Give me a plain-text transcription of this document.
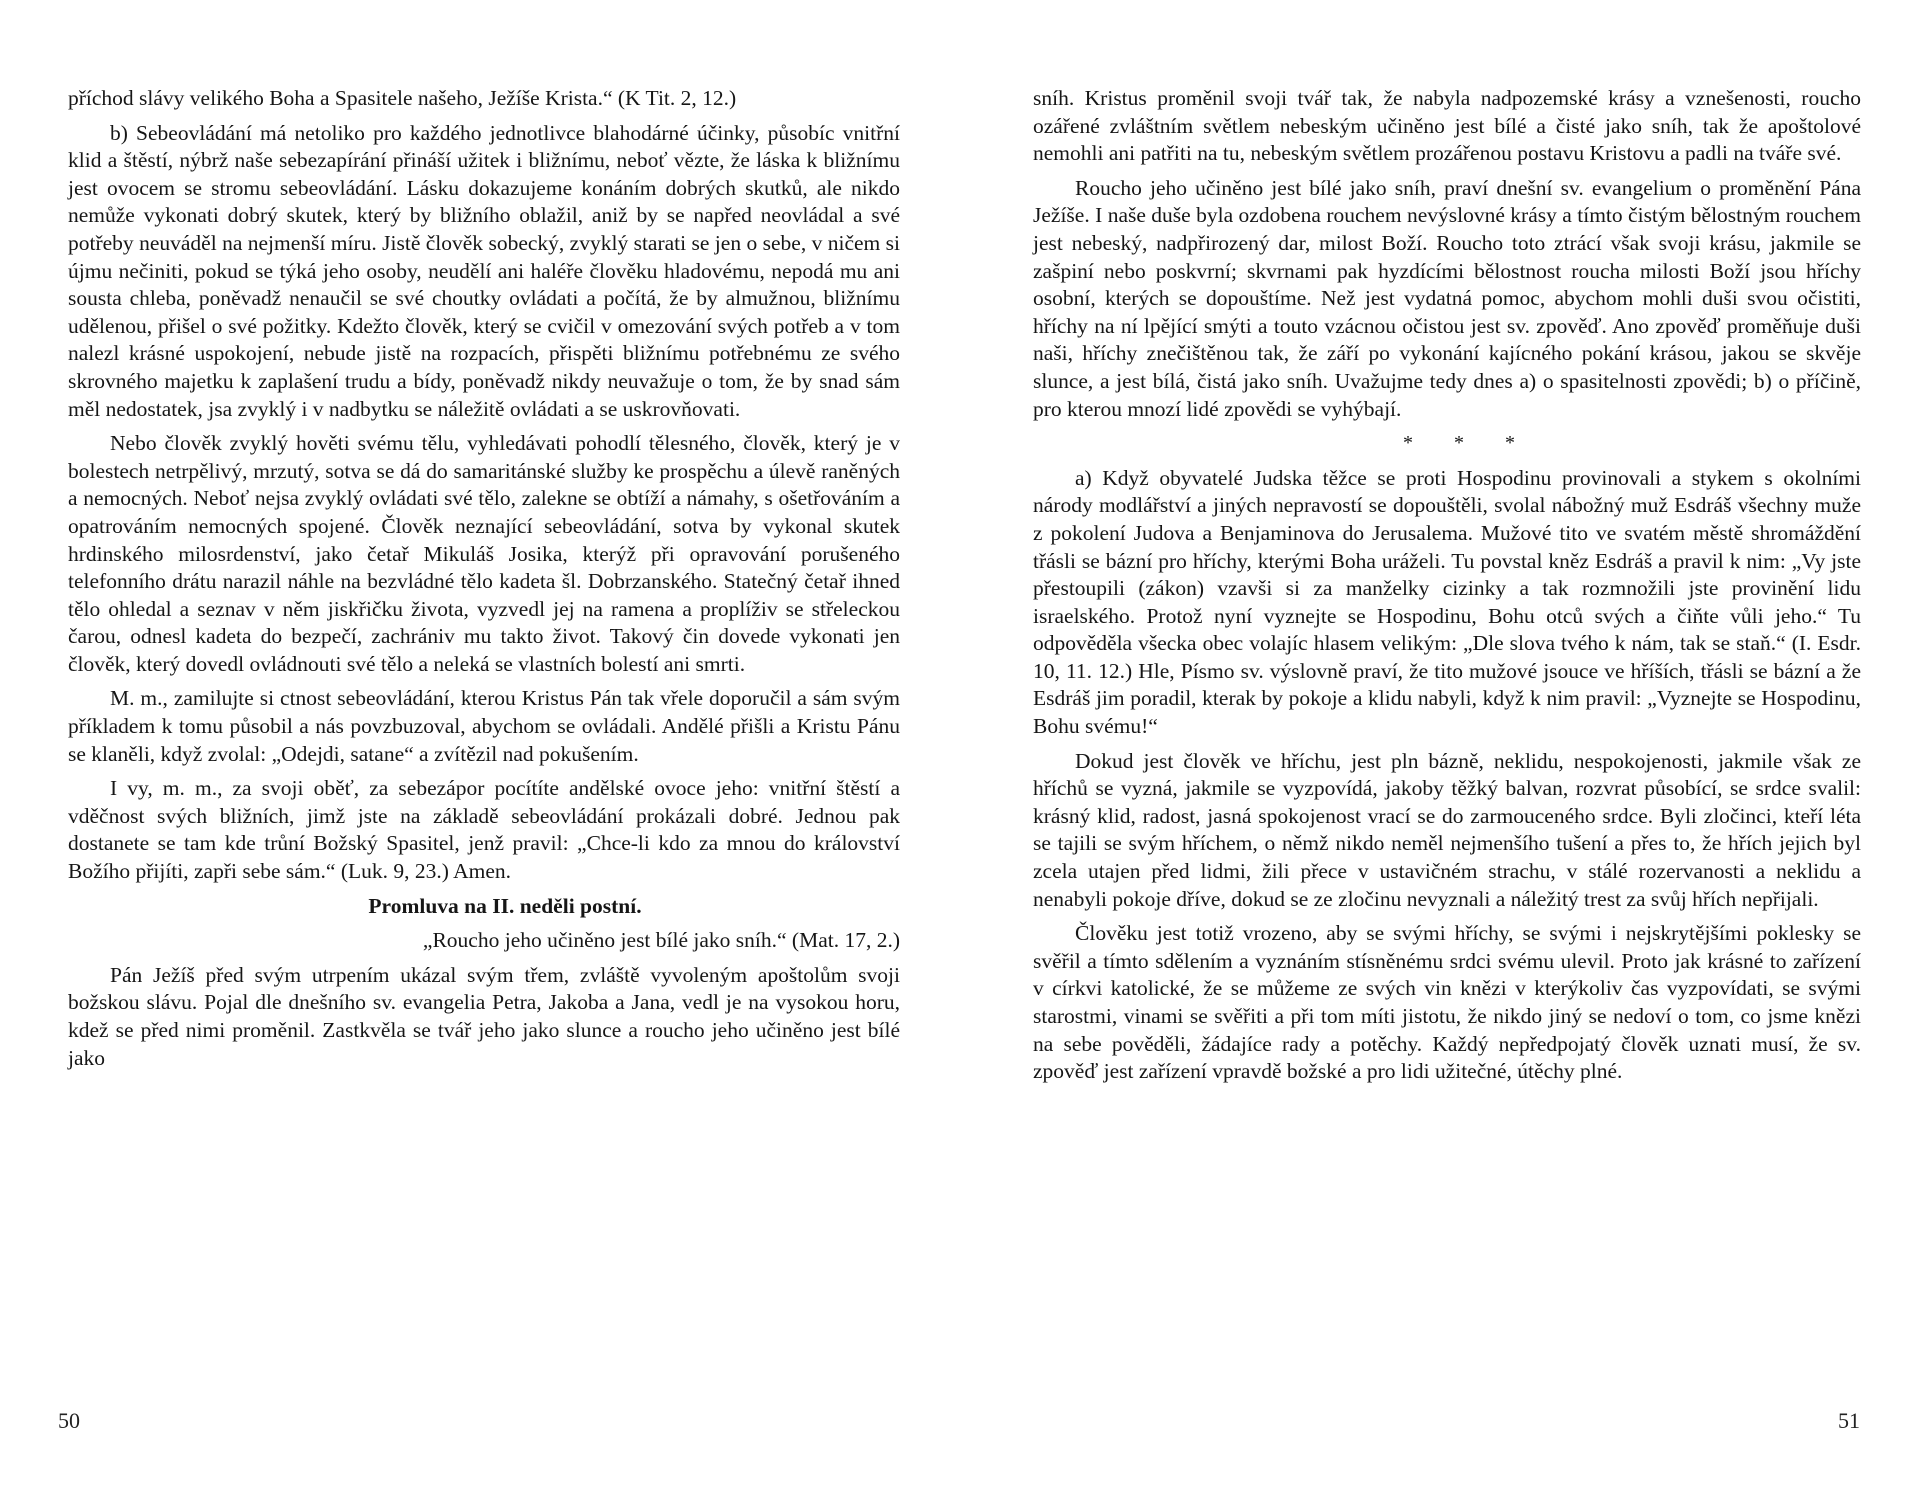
příchod slávy velikého Boha a Spasitele našeho, Ježíše Krista.“ (K Tit. 2, 12.)

b) Sebeovládání má netoliko pro každého jednotlivce blahodárné účinky, působíc vnitřní klid a štěstí, nýbrž naše sebezapírání přináší užitek i bližnímu, neboť vězte, že láska k bližnímu jest ovocem se stromu sebeovládání. Lásku dokazujeme konáním dobrých skutků, ale nikdo nemůže vykonati dobrý skutek, který by bližního oblažil, aniž by se napřed neovládal a své potřeby neuváděl na nejmenší míru. Jistě člověk sobecký, zvyklý starati se jen o sebe, v ničem si újmu nečiniti, pokud se týká jeho osoby, neudělí ani haléře člověku hladovému, nepodá mu ani sousta chleba, poněvadž nenaučil se své choutky ovládati a počítá, že by almužnou, bližnímu udělenou, přišel o své požitky. Kdežto člověk, který se cvičil v omezování svých potřeb a v tom nalezl krásné uspokojení, nebude jistě na rozpacích, přispěti bližnímu potřebnému ze svého skrovného majetku k zaplašení trudu a bídy, poněvadž nikdy neuvažuje o tom, že by snad sám měl nedostatek, jsa zvyklý i v nadbytku se náležitě ovládati a se uskrovňovati.

Nebo člověk zvyklý hověti svému tělu, vyhledávati pohodlí tělesného, člověk, který je v bolestech netrpělivý, mrzutý, sotva se dá do samaritánské služby ke prospěchu a úlevě raněných a nemocných. Neboť nejsa zvyklý ovládati své tělo, zalekne se obtíží a námahy, s ošetřováním a opatrováním nemocných spojené. Člověk neznající sebeovládání, sotva by vykonal skutek hrdinského milosrdenství, jako četař Mikuláš Josika, kterýž při opravování porušeného telefonního drátu narazil náhle na bezvládné tělo kadeta šl. Dobrzanského. Statečný četař ihned tělo ohledal a seznav v něm jiskřičku života, vyzvedl jej na ramena a proplíživ se střeleckou čarou, odnesl kadeta do bezpečí, zachrániv mu takto život. Takový čin dovede vykonati jen člověk, který dovedl ovládnouti své tělo a neleká se vlastních bolestí ani smrti.

M. m., zamilujte si ctnost sebeovládání, kterou Kristus Pán tak vřele doporučil a sám svým příkladem k tomu působil a nás povzbuzoval, abychom se ovládali. Andělé přišli a Kristu Pánu se klaněli, když zvolal: „Odejdi, satane“ a zvítězil nad pokušením.

I vy, m. m., za svoji oběť, za sebezápor pocítíte andělské ovoce jeho: vnitřní štěstí a vděčnost svých bližních, jimž jste na základě sebeovládání prokázali dobré. Jednou pak dostanete se tam kde trůní Božský Spasitel, jenž pravil: „Chce-li kdo za mnou do království Božího přijíti, zapři sebe sám.“ (Luk. 9, 23.) Amen.

Promluva na II. neděli postní.

„Roucho jeho učiněno jest bílé jako sníh.“ (Mat. 17, 2.)

Pán Ježíš před svým utrpením ukázal svým třem, zvláště vyvoleným apoštolům svoji božskou slávu. Pojal dle dnešního sv. evangelia Petra, Jakoba a Jana, vedl je na vysokou horu, kdež se před nimi proměnil. Zastkvěla se tvář jeho jako slunce a roucho jeho učiněno jest bílé jako

50

sníh. Kristus proměnil svoji tvář tak, že nabyla nadpozemské krásy a vznešenosti, roucho ozářené zvláštním světlem nebeským učiněno jest bílé a čisté jako sníh, tak že apoštolové nemohli ani patřiti na tu, nebeským světlem prozářenou postavu Kristovu a padli na tváře své.

Roucho jeho učiněno jest bílé jako sníh, praví dnešní sv. evangelium o proměnění Pána Ježíše. I naše duše byla ozdobena rouchem nevýslovné krásy a tímto čistým bělostným rouchem jest nebeský, nadpřirozený dar, milost Boží. Roucho toto ztrácí však svoji krásu, jakmile se zašpiní nebo poskvrní; skvrnami pak hyzdícími bělostnost roucha milosti Boží jsou hříchy osobní, kterých se dopouštíme. Než jest vydatná pomoc, abychom mohli duši svou očistiti, hříchy na ní lpějící smýti a touto vzácnou očistou jest sv. zpověď. Ano zpověď proměňuje duši naši, hříchy znečištěnou tak, že září po vykonání kajícného pokání krásou, jakou se skvěje slunce, a jest bílá, čistá jako sníh. Uvažujme tedy dnes a) o spasitelnosti zpovědi; b) o příčině, pro kterou mnozí lidé zpovědi se vyhýbají.

* * *

a) Když obyvatelé Judska těžce se proti Hospodinu provinovali a stykem s okolními národy modlářství a jiných nepravostí se dopouštěli, svolal nábožný muž Esdráš všechny muže z pokolení Judova a Benjaminova do Jerusalema. Mužové tito ve svatém městě shromáždění třásli se bázní pro hříchy, kterými Boha uráželi. Tu povstal kněz Esdráš a pravil k nim: „Vy jste přestoupili (zákon) vzavši si za manželky cizinky a tak rozmnožili jste provinění lidu israelského. Protož nyní vyznejte se Hospodinu, Bohu otců svých a čiňte vůli jeho.“ Tu odpověděla všecka obec volajíc hlasem velikým: „Dle slova tvého k nám, tak se staň.“ (I. Esdr. 10, 11. 12.) Hle, Písmo sv. výslovně praví, že tito mužové jsouce ve hříších, třásli se bázní a že Esdráš jim poradil, kterak by pokoje a klidu nabyli, když k nim pravil: „Vyznejte se Hospodinu, Bohu svému!“

Dokud jest člověk ve hříchu, jest pln bázně, neklidu, nespokojenosti, jakmile však ze hříchů se vyzná, jakmile se vyzpovídá, jakoby těžký balvan, rozvrat působící, se srdce svalil: krásný klid, radost, jasná spokojenost vrací se do zarmouceného srdce. Byli zločinci, kteří léta se tajili se svým hříchem, o němž nikdo neměl nejmenšího tušení a přes to, že hřích jejich byl zcela utajen před lidmi, žili přece v ustavičném strachu, v stálé rozervanosti a neklidu a nenabyli pokoje dříve, dokud se ze zločinu nevyznali a náležitý trest za svůj hřích nepřijali.

Člověku jest totiž vrozeno, aby se svými hříchy, se svými i nejskrytějšími poklesky se svěřil a tímto sdělením a vyznáním stísněnému srdci svému ulevil. Proto jak krásné to zařízení v církvi katolické, že se můžeme ze svých vin knězi v kterýkoliv čas vyzpovídati, se svými starostmi, vinami se svěřiti a při tom míti jistotu, že nikdo jiný se nedoví o tom, co jsme knězi na sebe pověděli, žádajíce rady a potěchy. Každý nepředpojatý člověk uznati musí, že sv. zpověď jest zařízení vpravdě božské a pro lidi užitečné, útěchy plné.

51
